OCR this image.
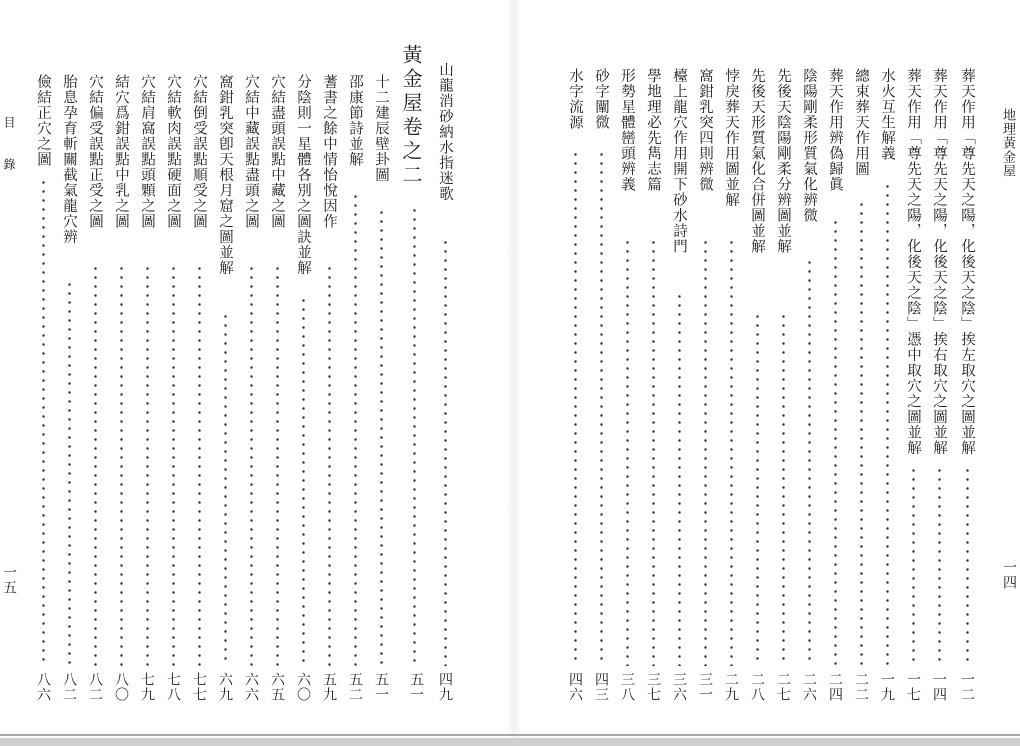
地理黃金屋
一四
葬天作用「尊先天之陽，化後天之陰」挨左取穴之圖並解
一二
葬天作用「尊先天之陽，化後天之陰」挨右取穴之圖並解
一四
葬天作用「尊先天之陽，化後天之陰」憑中取穴之圖並解
一七
水火互生解義
一九
總束葬天作用圖
二二
葬天作用辨偽歸眞
二四
陰陽剛柔形質氣化辨微
二六
先後天陰陽剛柔分辨圖並解
二七
先後天形質氣化合併圖並解
二八
悖戾葬天作用圖並解
二九
窩鉗乳突四則辨微
三一
檯上龍穴作用開下砂水詩門
三六
學地理必先雋志篇
三七
形勢星體巒頭辨義
三八
砂字闡微
四三
水字流源
四六
目
錄
一五
山龍消砂納水指迷歌
四九
黃金屋卷之二
五一
十二建辰壁卦圖
五一
邵康節詩並解
五二
蓍書之餘中情怡悅因作
五九
分陰則一星體各別之圖訣並解
六〇
穴結盡頭誤點中藏之圖
六五
穴結中藏誤點盡頭之圖
六六
窩鉗乳突卽天根月窟之圖並解
六九
穴結倒受誤點順受之圖
七七
穴結軟肉誤點硬面之圖
七八
穴結肩窩誤點頭顆之圖
七九
結穴爲鉗誤點中乳之圖
八〇
穴結偏受誤點正受之圖
八二
胎息孕育斬關截氣龍穴辨
八二
儉結正穴之圖
八六
